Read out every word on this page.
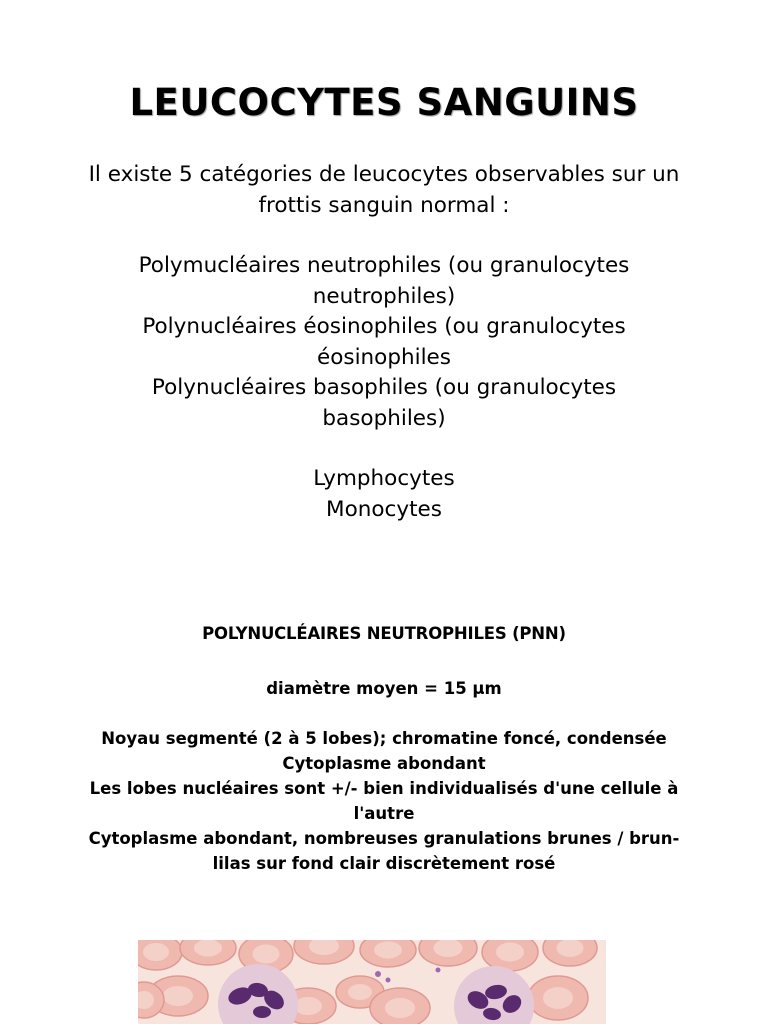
LEUCOCYTES SANGUINS
Il existe 5 catégories de leucocytes observables sur un
frottis sanguin normal :
Polymucléaires neutrophiles (ou granulocytes
neutrophiles)
Polynucléaires éosinophiles (ou granulocytes
éosinophiles
Polynucléaires basophiles (ou granulocytes
basophiles)
Lymphocytes
Monocytes
POLYNUCLÉAIRES NEUTROPHILES (PNN)
diamètre moyen = 15 µm
Noyau segmenté (2 à 5 lobes); chromatine foncé, condensée
Cytoplasme abondant
Les lobes nucléaires sont +/- bien individualisés d'une cellule à
l'autre
Cytoplasme abondant, nombreuses granulations brunes / brun-
lilas sur fond clair discrètement rosé
